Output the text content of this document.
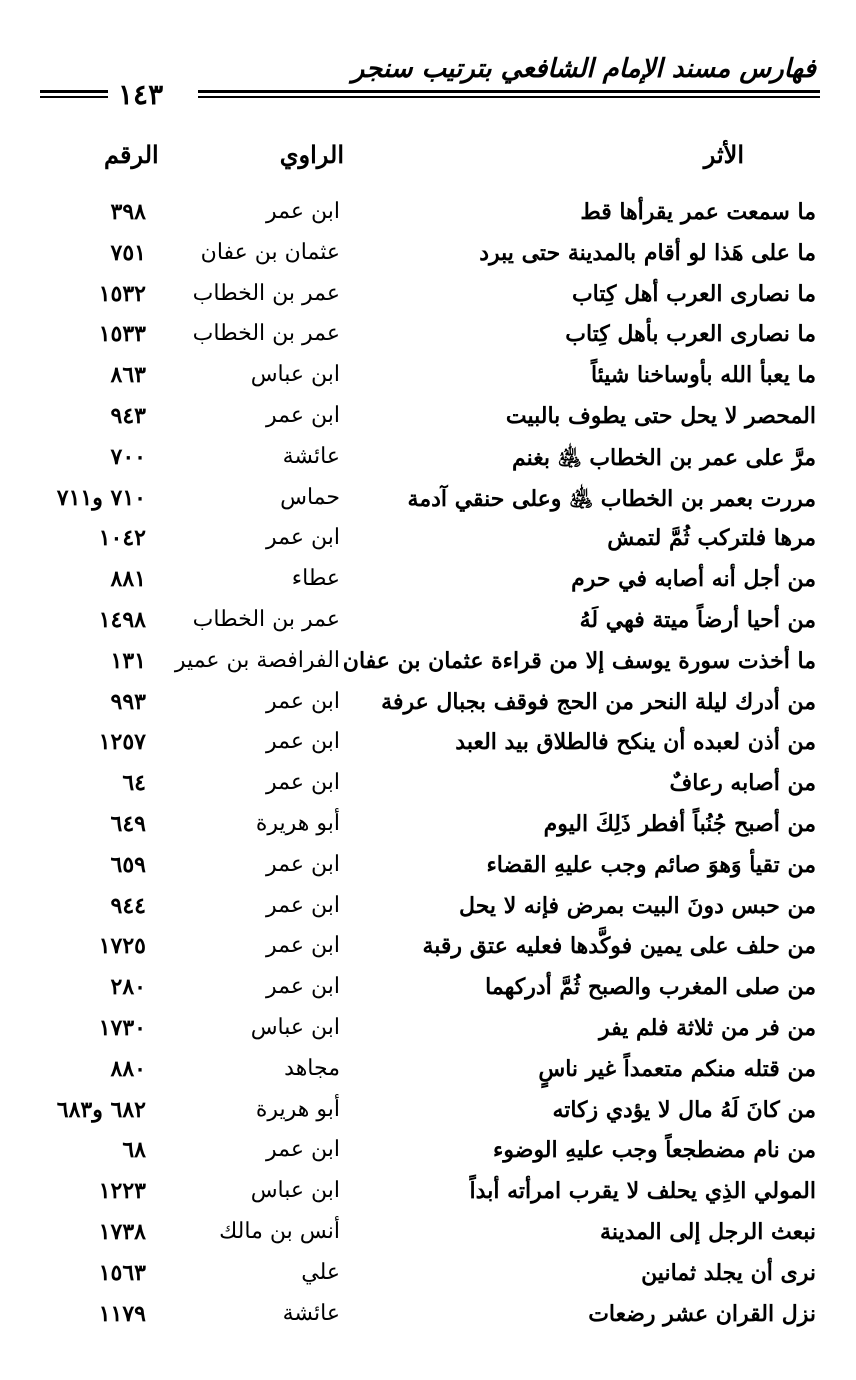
فهارس مسند الإمام الشافعي بترتيب سنجر
١٤٣
الأثر
الراوي
الرقم
ما سمعت عمر يقرأها قط
ابن عمر
٣٩٨
ما على هَذا لو أقام بالمدينة حتى يبرد
عثمان بن عفان
٧٥١
ما نصارى العرب أهل كِتاب
عمر بن الخطاب
١٥٣٢
ما نصارى العرب بأهل كِتاب
عمر بن الخطاب
١٥٣٣
ما يعبأ الله بأوساخنا شيئاً
ابن عباس
٨٦٣
المحصر لا يحل حتى يطوف بالبيت
ابن عمر
٩٤٣
مرَّ على عمر بن الخطاب ﵁ بغنم
عائشة
٧٠٠
مررت بعمر بن الخطاب ﵁ وعلى حنقي آدمة
حماس
٧١٠ و٧١١
مرها فلتركب ثُمَّ لتمش
ابن عمر
١٠٤٢
من أجل أنه أصابه في حرم
عطاء
٨٨١
من أحيا أرضاً ميتة فهي لَهُ
عمر بن الخطاب
١٤٩٨
ما أخذت سورة يوسف إلا من قراءة عثمان بن عفان
الفرافصة بن عمير
١٣١
من أدرك ليلة النحر من الحج فوقف بجبال عرفة
ابن عمر
٩٩٣
من أذن لعبده أن ينكح فالطلاق بيد العبد
ابن عمر
١٢٥٧
من أصابه رعافٌ
ابن عمر
٦٤
من أصبح جُنُباً أفطر ذَلِكَ اليوم
أبو هريرة
٦٤٩
من تقيأ وَهوَ صائم وجب عليهِ القضاء
ابن عمر
٦٥٩
من حبس دونَ البيت بمرض فإنه لا يحل
ابن عمر
٩٤٤
من حلف على يمين فوكَّدها فعليه عتق رقبة
ابن عمر
١٧٢٥
من صلى المغرب والصبح ثُمَّ أدركهما
ابن عمر
٢٨٠
من فر من ثلاثة فلم يفر
ابن عباس
١٧٣٠
من قتله منكم متعمداً غير ناسٍ
مجاهد
٨٨٠
من كانَ لَهُ مال لا يؤدي زكاته
أبو هريرة
٦٨٢ و٦٨٣
من نام مضطجعاً وجب عليهِ الوضوء
ابن عمر
٦٨
المولي الذِي يحلف لا يقرب امرأته أبداً
ابن عباس
١٢٢٣
نبعث الرجل إلى المدينة
أنس بن مالك
١٧٣٨
نرى أن يجلد ثمانين
علي
١٥٦٣
نزل القران عشر رضعات
عائشة
١١٧٩
